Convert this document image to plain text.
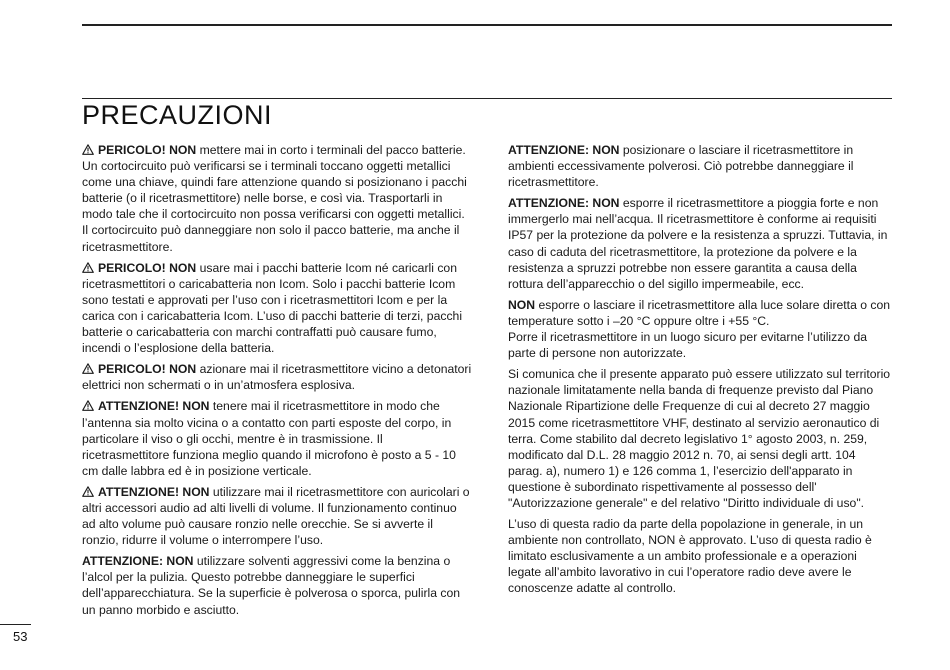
PRECAUZIONI
PERICOLO! NON mettere mai in corto i terminali del pacco batterie. Un cortocircuito può verificarsi se i terminali toccano oggetti metallici come una chiave, quindi fare attenzione quando si posizionano i pacchi batterie (o il ricetrasmettitore) nelle borse, e così via. Trasportarli in modo tale che il cortocircuito non possa verificarsi con oggetti metallici. Il cortocircuito può danneggiare non solo il pacco batterie, ma anche il ricetrasmettitore.
PERICOLO! NON usare mai i pacchi batterie Icom né caricarli con ricetrasmettitori o caricabatteria non Icom. Solo i pacchi batterie Icom sono testati e approvati per l’uso con i ricetrasmettitori Icom e per la carica con i caricabatteria Icom. L’uso di pacchi batterie di terzi, pacchi batterie o caricabatteria con marchi contraffatti può causare fumo, incendi o l’esplosione della batteria.
PERICOLO! NON azionare mai il ricetrasmettitore vicino a detonatori elettrici non schermati o in un’atmosfera esplosiva.
ATTENZIONE! NON tenere mai il ricetrasmettitore in modo che l’antenna sia molto vicina o a contatto con parti esposte del corpo, in particolare il viso o gli occhi, mentre è in trasmissione. Il ricetrasmettitore funziona meglio quando il microfono è posto a 5 - 10 cm dalle labbra ed è in posizione verticale.
ATTENZIONE! NON utilizzare mai il ricetrasmettitore con auricolari o altri accessori audio ad alti livelli di volume. Il funzionamento continuo ad alto volume può causare ronzio nelle orecchie. Se si avverte il ronzio, ridurre il volume o interrompere l’uso.
ATTENZIONE: NON utilizzare solventi aggressivi come la benzina o l’alcol per la pulizia. Questo potrebbe danneggiare le superfici dell’apparecchiatura. Se la superficie è polverosa o sporca, pulirla con un panno morbido e asciutto.
ATTENZIONE: NON posizionare o lasciare il ricetrasmettitore in ambienti eccessivamente polverosi. Ciò potrebbe danneggiare il ricetrasmettitore.
ATTENZIONE: NON esporre il ricetrasmettitore a pioggia forte e non immergerlo mai nell’acqua. Il ricetrasmettitore è conforme ai requisiti IP57 per la protezione da polvere e la resistenza a spruzzi. Tuttavia, in caso di caduta del ricetrasmettitore, la protezione da polvere e la resistenza a spruzzi potrebbe non essere garantita a causa della rottura dell’apparecchio o del sigillo impermeabile, ecc.
NON esporre o lasciare il ricetrasmettitore alla luce solare diretta o con temperature sotto i –20 °C oppure oltre i +55 °C.
Porre il ricetrasmettitore in un luogo sicuro per evitarne l’utilizzo da parte di persone non autorizzate.
Si comunica che il presente apparato può essere utilizzato sul territorio nazionale limitatamente nella banda di frequenze previsto dal Piano Nazionale Ripartizione delle Frequenze di cui al decreto 27 maggio 2015 come ricetrasmettitore VHF, destinato al servizio aeronautico di terra. Come stabilito dal decreto legislativo 1° agosto 2003, n. 259, modificato dal D.L. 28 maggio 2012 n. 70, ai sensi degli artt. 104 parag. a), numero 1) e 126 comma 1, l’esercizio dell'apparato in questione è subordinato rispettivamente al possesso dell' "Autorizzazione generale" e del relativo "Diritto individuale di uso".
L’uso di questa radio da parte della popolazione in generale, in un ambiente non controllato, NON è approvato. L’uso di questa radio è limitato esclusivamente a un ambito professionale e a operazioni legate all’ambito lavorativo in cui l’operatore radio deve avere le conoscenze adatte al controllo.
53
